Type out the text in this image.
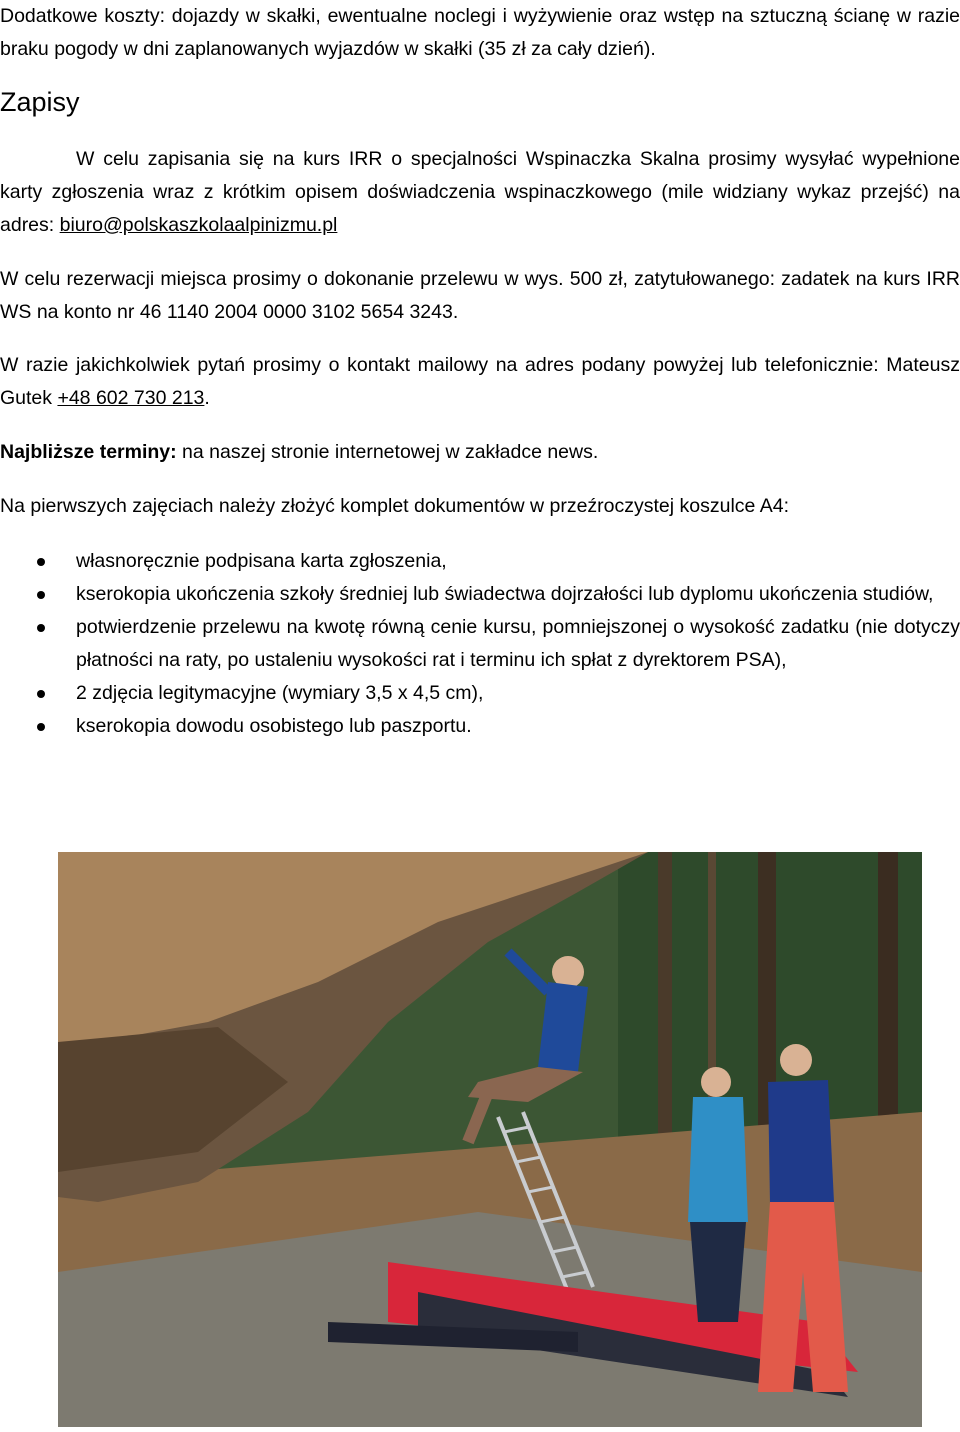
Dodatkowe koszty: dojazdy w skałki, ewentualne noclegi i wyżywienie oraz wstęp na sztuczną ścianę w razie braku pogody w dni zaplanowanych wyjazdów w skałki (35 zł za cały dzień).

Zapisy

W celu zapisania się na kurs IRR o specjalności Wspinaczka Skalna prosimy wysyłać wypełnione karty zgłoszenia wraz z krótkim opisem doświadczenia wspinaczkowego (mile widziany wykaz przejść) na adres: biuro@polskaszkolaalpinizmu.pl

W celu rezerwacji miejsca prosimy o dokonanie przelewu w wys. 500 zł, zatytułowanego: zadatek na kurs IRR WS na konto nr 46 1140 2004 0000 3102 5654 3243.

W razie jakichkolwiek pytań prosimy o kontakt mailowy na adres podany powyżej lub telefonicznie: Mateusz Gutek +48 602 730 213.

Najbliższe terminy: na naszej stronie internetowej w zakładce news.

Na pierwszych zajęciach należy złożyć komplet dokumentów w przeźroczystej koszulce A4:

własnoręcznie podpisana karta zgłoszenia,
kserokopia ukończenia szkoły średniej lub świadectwa dojrzałości lub dyplomu ukończenia studiów,
potwierdzenie przelewu na kwotę równą cenie kursu, pomniejszonej o wysokość zadatku (nie dotyczy płatności na raty, po ustaleniu wysokości rat i terminu ich spłat z dyrektorem PSA),
2 zdjęcia legitymacyjne (wymiary 3,5 x 4,5 cm),
kserokopia dowodu osobistego lub paszportu.
